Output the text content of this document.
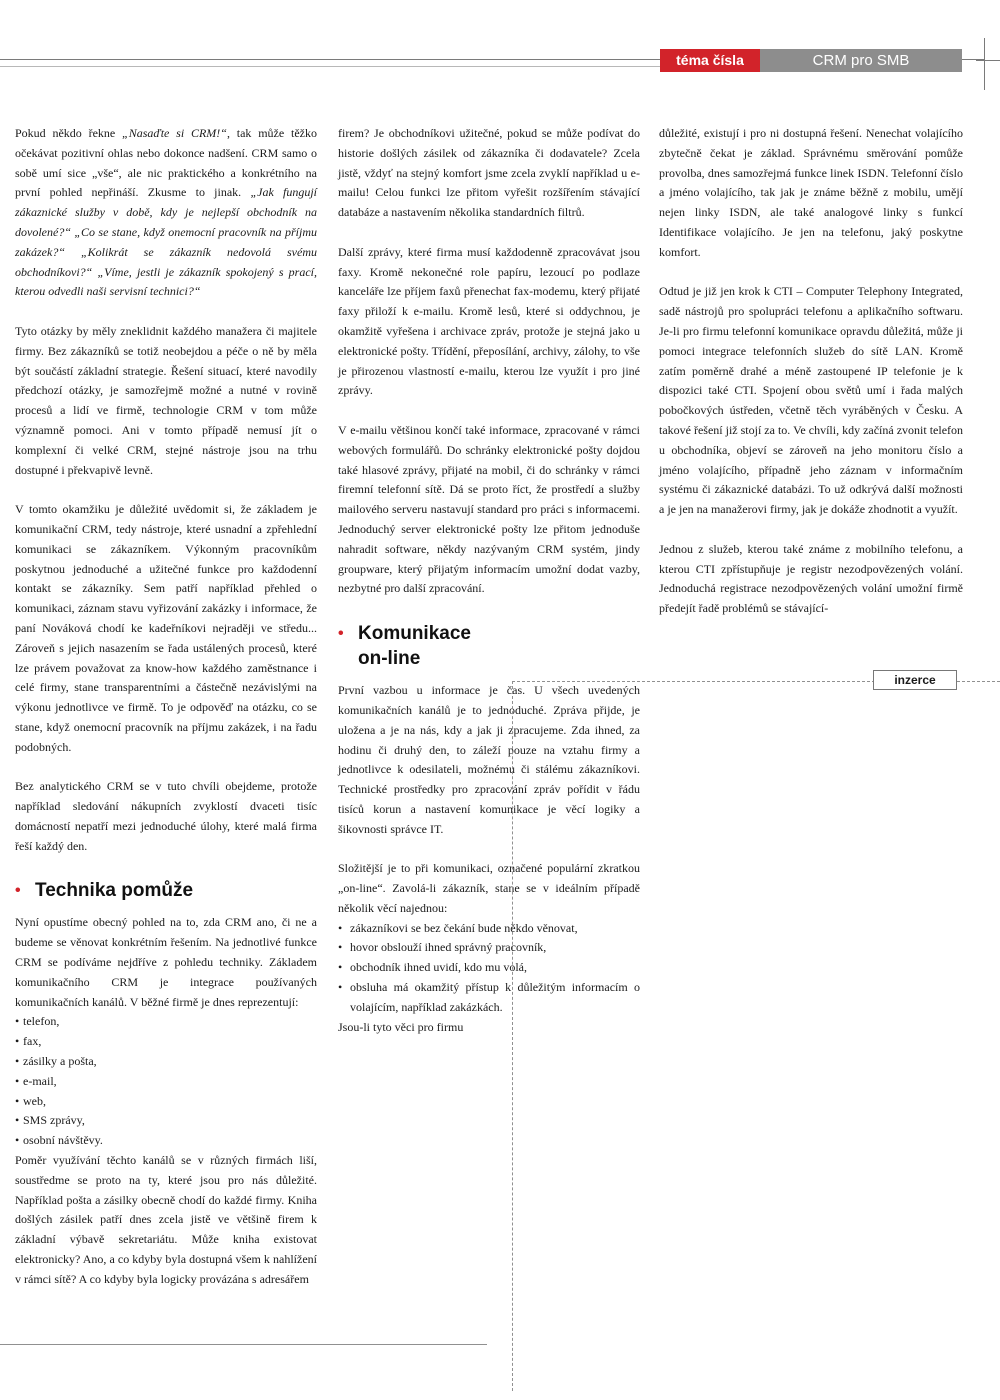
téma čísla	CRM pro SMB

Pokud někdo řekne „Nasaďte si CRM!“, tak může těžko očekávat pozitivní ohlas nebo dokonce nadšení. CRM samo o sobě umí sice „vše“, ale nic praktického a konkrétního na první pohled nepřináší. Zkusme to jinak. „Jak fungují zákaznické služby v době, kdy je nejlepší obchodník na dovolené?“ „Co se stane, když onemocní pracovník na příjmu zakázek?“ „Kolikrát se zákazník nedovolá svému obchodníkovi?“ „Víme, jestli je zákazník spokojený s prací, kterou odvedli naši servisní technici?“

Tyto otázky by měly zneklidnit každého manažera či majitele firmy. Bez zákazníků se totiž neobejdou a péče o ně by měla být součástí základní strategie. Řešení situací, které navodily předchozí otázky, je samozřejmě možné a nutné v rovině procesů a lidí ve firmě, technologie CRM v tom může významně pomoci. Ani v tomto případě nemusí jít o komplexní či velké CRM, stejné nástroje jsou na trhu dostupné i překvapivě levně.

V tomto okamžiku je důležité uvědomit si, že základem je komunikační CRM, tedy nástroje, které usnadní a zpřehlední komunikaci se zákazníkem. Výkonným pracovníkům poskytnou jednoduché a užitečné funkce pro každodenní kontakt se zákazníky. Sem patří například přehled o komunikaci, záznam stavu vyřizování zakázky i informace, že paní Nováková chodí ke kadeřníkovi nejraději ve středu... Zároveň s jejich nasazením se řada ustálených procesů, které lze právem považovat za know-how každého zaměstnance i celé firmy, stane transparentními a částečně nezávislými na výkonu jednotlivce ve firmě. To je odpověď na otázku, co se stane, když onemocní pracovník na příjmu zakázek, i na řadu podobných.

Bez analytického CRM se v tuto chvíli obejdeme, protože například sledování nákupních zvyklostí dvaceti tisíc domácností nepatří mezi jednoduché úlohy, které malá firma řeší každý den.

• Technika pomůže

Nyní opustíme obecný pohled na to, zda CRM ano, či ne a budeme se věnovat konkrétním řešením. Na jednotlivé funkce CRM se podíváme nejdříve z pohledu techniky. Základem komunikačního CRM je integrace používaných komunikačních kanálů. V běžné firmě je dnes reprezentují:

• telefon,
• fax,
• zásilky a pošta,
• e-mail,
• web,
• SMS zprávy,
• osobní návštěvy.

Poměr využívání těchto kanálů se v různých firmách liší, soustředme se proto na ty, které jsou pro nás důležité. Například pošta a zásilky obecně chodí do každé firmy. Kniha došlých zásilek patří dnes zcela jistě ve většině firem k základní výbavě sekretariátu. Může kniha existovat elektronicky? Ano, a co kdyby byla dostupná všem k nahlížení v rámci sítě? A co kdyby byla logicky provázána s adresářem

firem? Je obchodníkovi užitečné, pokud se může podívat do historie došlých zásilek od zákazníka či dodavatele? Zcela jistě, vždyť na stejný komfort jsme zcela zvyklí například u e-mailu! Celou funkci lze přitom vyřešit rozšířením stávající databáze a nastavením několika standardních filtrů.

Další zprávy, které firma musí každodenně zpracovávat jsou faxy. Kromě nekonečné role papíru, lezoucí po podlaze kanceláře lze příjem faxů přenechat fax-modemu, který přijaté faxy přiloží k e-mailu. Kromě lesů, které si oddychnou, je okamžitě vyřešena i archivace zpráv, protože je stejná jako u elektronické pošty. Třídění, přeposílání, archivy, zálohy, to vše je přirozenou vlastností e-mailu, kterou lze využít i pro jiné zprávy.

V e-mailu většinou končí také informace, zpracované v rámci webových formulářů. Do schránky elektronické pošty dojdou také hlasové zprávy, přijaté na mobil, či do schránky v rámci firemní telefonní sítě. Dá se proto říct, že prostředí a služby mailového serveru nastavují standard pro práci s informacemi. Jednoduchý server elektronické pošty lze přitom jednoduše nahradit software, někdy nazývaným CRM systém, jindy groupware, který přijatým informacím umožní dodat vazby, nezbytné pro další zpracování.

• Komunikace
on-line

První vazbou u informace je čas. U všech uvedených komunikačních kanálů je to jednoduché. Zpráva přijde, je uložena a je na nás, kdy a jak ji zpracujeme. Zda ihned, za hodinu či druhý den, to záleží pouze na vztahu firmy a jednotlivce k odesilateli, možnému či stálému zákazníkovi. Technické prostředky pro zpracování zpráv pořídit v řádu tisíců korun a nastavení komunikace je věcí logiky a šikovnosti správce IT.

Složitější je to při komunikaci, označené populární zkratkou „on-line“. Zavolá-li zákazník, stane se v ideálním případě několik věcí najednou:

• zákazníkovi se bez čekání bude někdo věnovat,
• hovor obslouží ihned správný pracovník,
• obchodník ihned uvidí, kdo mu volá,
• obsluha má okamžitý přístup k důležitým informacím o volajícím, například zakázkách.

Jsou-li tyto věci pro firmu

důležité, existují i pro ni dostupná řešení. Nenechat volajícího zbytečně čekat je základ. Správnému směrování pomůže provolba, dnes samozřejmá funkce linek ISDN. Telefonní číslo a jméno volajícího, tak jak je známe běžně z mobilu, umějí nejen linky ISDN, ale také analogové linky s funkcí Identifikace volajícího. Je jen na telefonu, jaký poskytne komfort.

Odtud je již jen krok k CTI – Computer Telephony Integrated, sadě nástrojů pro spolupráci telefonu a aplikačního softwaru. Je-li pro firmu telefonní komunikace opravdu důležitá, může ji pomoci integrace telefonních služeb do sítě LAN. Kromě zatím poměrně drahé a méně zastoupené IP telefonie je k dispozici také CTI. Spojení obou světů umí i řada malých pobočkových ústředen, včetně těch vyráběných v Česku. A takové řešení již stojí za to. Ve chvíli, kdy začíná zvonit telefon u obchodníka, objeví se zároveň na jeho monitoru číslo a jméno volajícího, případně jeho záznam v informačním systému či zákaznické databázi. To už odkrývá další možnosti a je jen na manažerovi firmy, jak je dokáže zhodnotit a využít.

Jednou z služeb, kterou také známe z mobilního telefonu, a kterou CTI zpřístupňuje je registr nezodpovězených volání. Jednoduchá registrace nezodpovězených volání umožní firmě předejít řadě problémů se stávající-

inzerce
